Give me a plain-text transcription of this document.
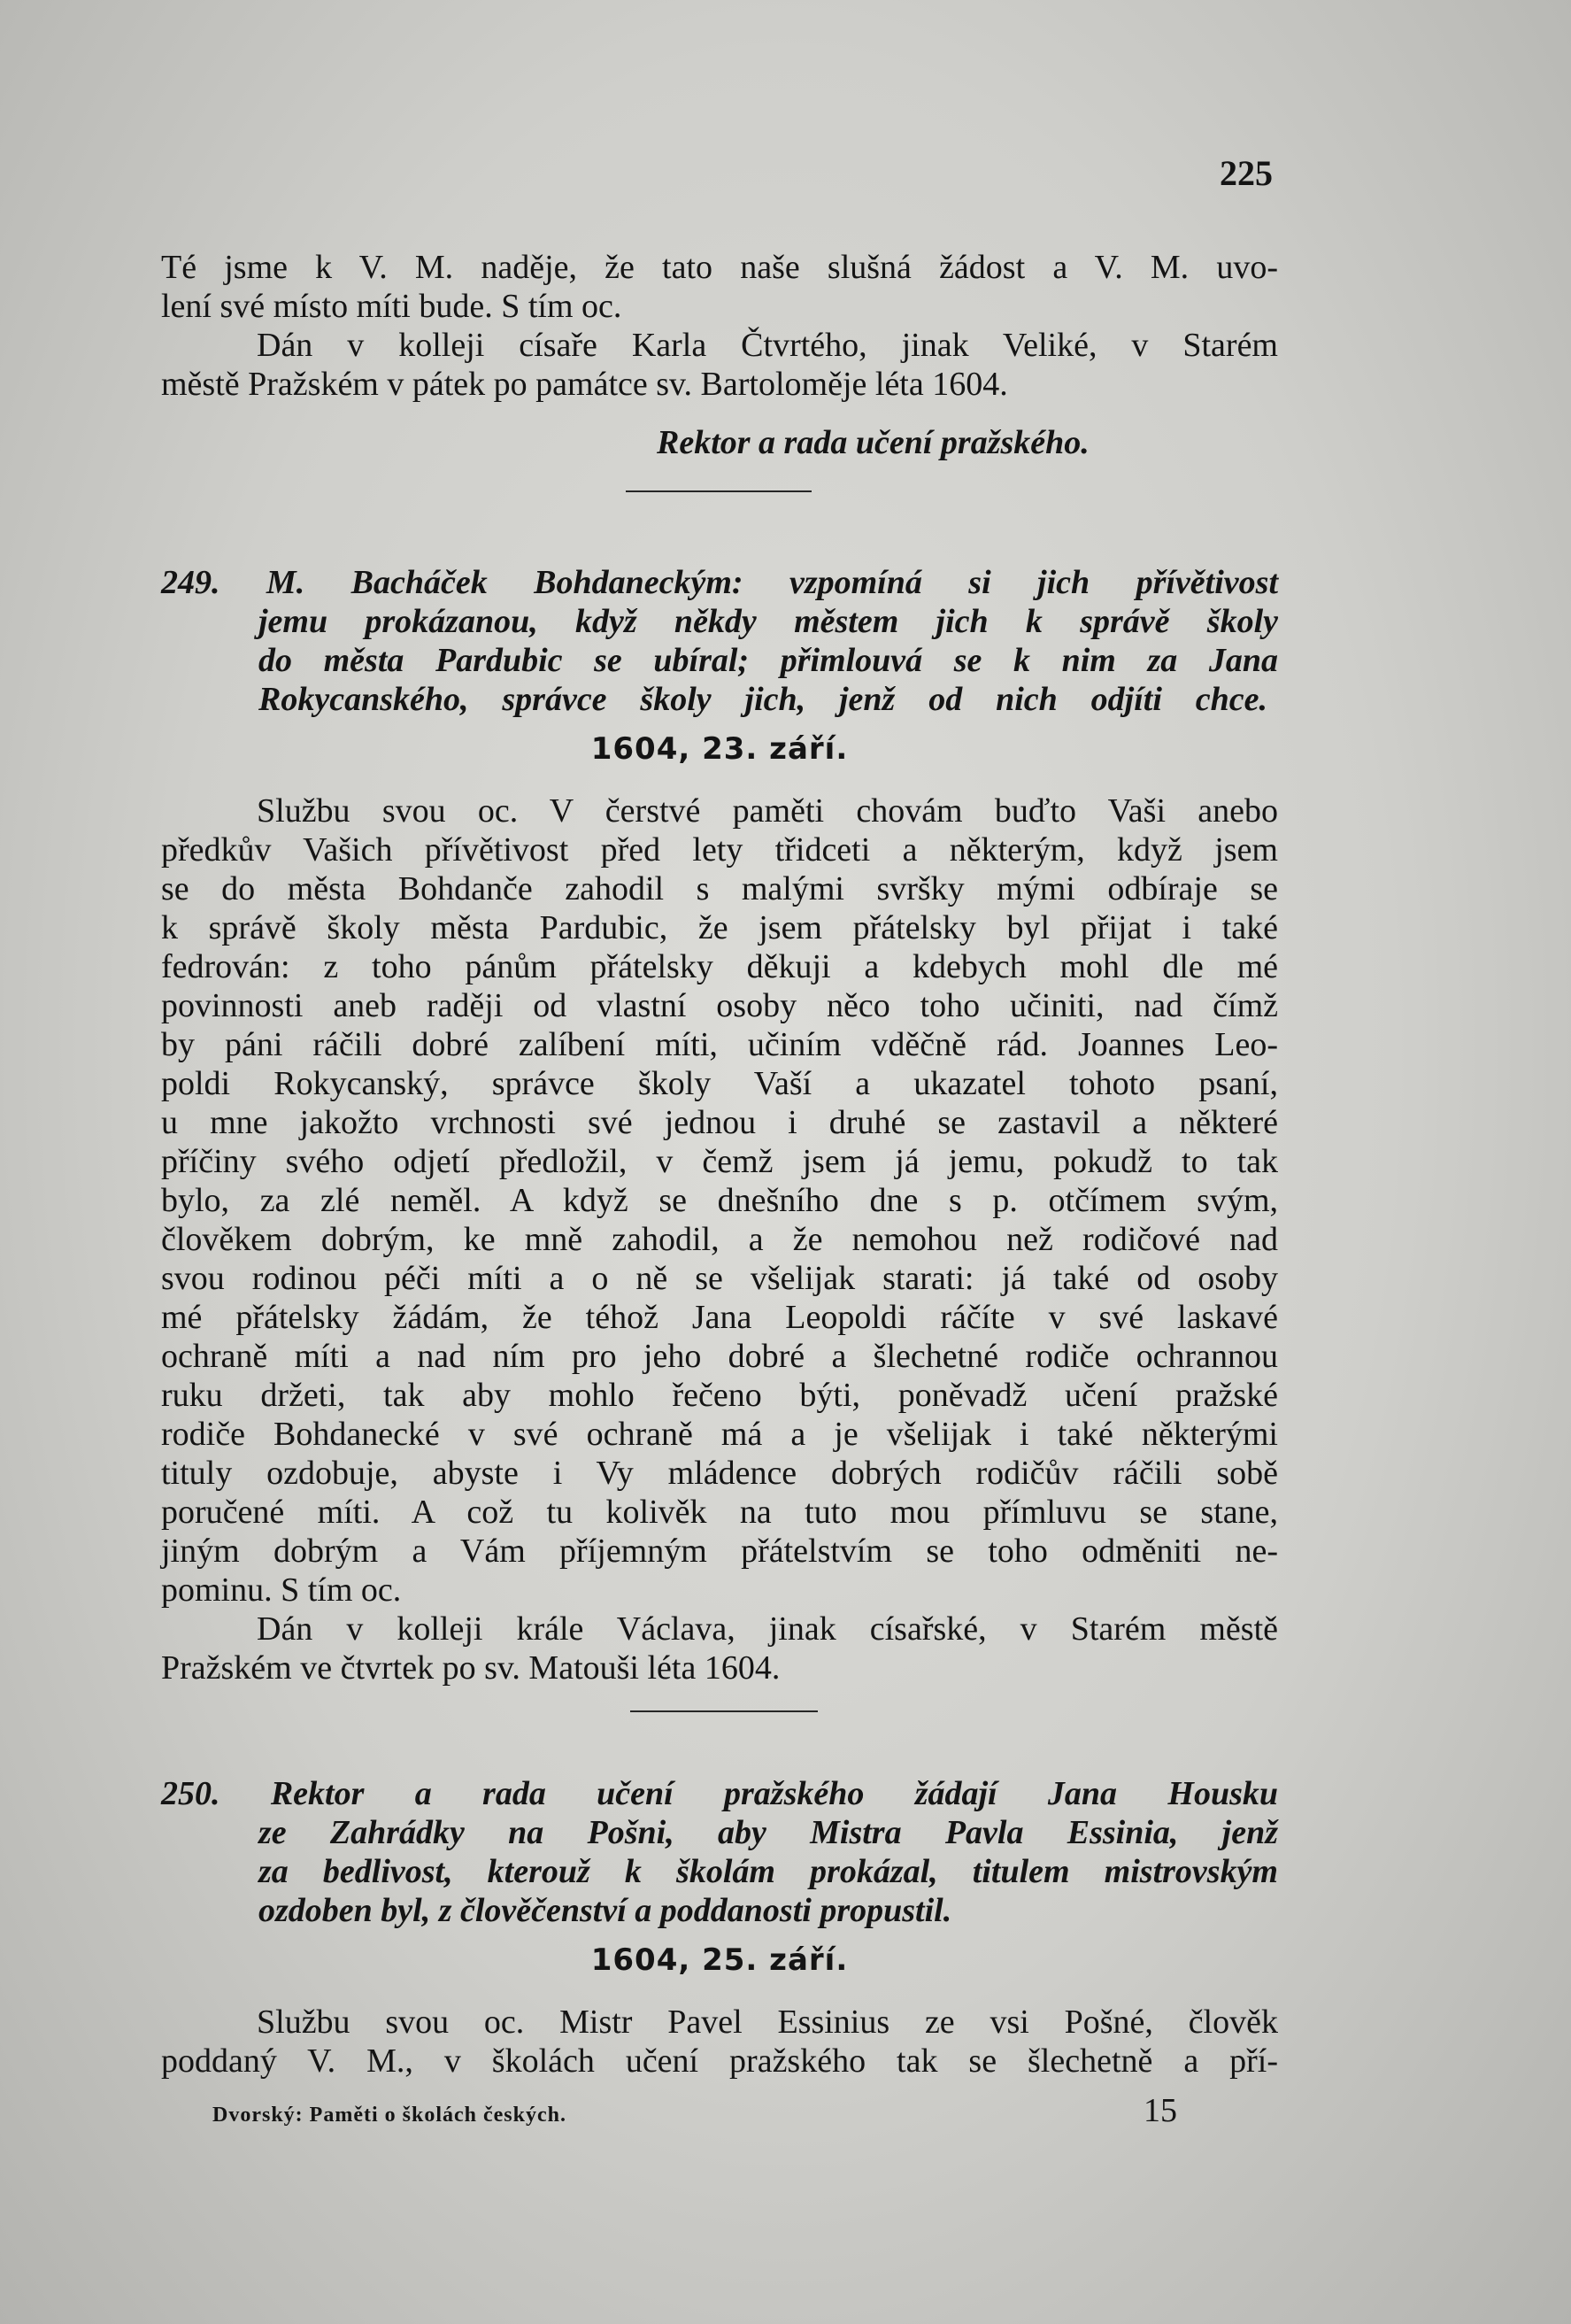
225
Té jsme k V. M. naděje, že tato naše slušná žádost a V. M. uvo-
lení své místo míti bude. S tím oc.
Dán v kolleji císaře Karla Čtvrtého, jinak Veliké, v Starém
městě Pražském v pátek po památce sv. Bartoloměje léta 1604.
Rektor a rada učení pražského.
249. M. Bacháček Bohdaneckým: vzpomíná si jich přívětivost
jemu prokázanou, když někdy městem jich k správě školy
do města Pardubic se ubíral; přimlouvá se k nim za Jana
Rokycanského, správce školy jich, jenž od nich odjíti chce.
1604, 23. září.
Službu svou oc. V čerstvé paměti chovám buďto Vaši anebo
předkův Vašich přívětivost před lety třidceti a některým, když jsem
se do města Bohdanče zahodil s malými svršky mými odbíraje se
k správě školy města Pardubic, že jsem přátelsky byl přijat i také
fedrován: z toho pánům přátelsky děkuji a kdebych mohl dle mé
povinnosti aneb raději od vlastní osoby něco toho učiniti, nad čímž
by páni ráčili dobré zalíbení míti, učiním vděčně rád. Joannes Leo-
poldi Rokycanský, správce školy Vaší a ukazatel tohoto psaní,
u mne jakožto vrchnosti své jednou i druhé se zastavil a některé
příčiny svého odjetí předložil, v čemž jsem já jemu, pokudž to tak
bylo, za zlé neměl. A když se dnešního dne s p. otčímem svým,
člověkem dobrým, ke mně zahodil, a že nemohou než rodičové nad
svou rodinou péči míti a o ně se všelijak starati: já také od osoby
mé přátelsky žádám, že téhož Jana Leopoldi ráčíte v své laskavé
ochraně míti a nad ním pro jeho dobré a šlechetné rodiče ochrannou
ruku držeti, tak aby mohlo řečeno býti, poněvadž učení pražské
rodiče Bohdanecké v své ochraně má a je všelijak i také některými
tituly ozdobuje, abyste i Vy mládence dobrých rodičův ráčili sobě
poručené míti. A což tu kolivěk na tuto mou přímluvu se stane,
jiným dobrým a Vám příjemným přátelstvím se toho odměniti ne-
pominu. S tím oc.
Dán v kolleji krále Václava, jinak císařské, v Starém městě
Pražském ve čtvrtek po sv. Matouši léta 1604.
250. Rektor a rada učení pražského žádají Jana Housku
ze Zahrádky na Pošni, aby Mistra Pavla Essinia, jenž
za bedlivost, kterouž k školám prokázal, titulem mistrovským
ozdoben byl, z člověčenství a poddanosti propustil.
1604, 25. září.
Službu svou oc. Mistr Pavel Essinius ze vsi Pošné, člověk
poddaný V. M., v školách učení pražského tak se šlechetně a pří-
Dvorský: Paměti o školách českých.	15
